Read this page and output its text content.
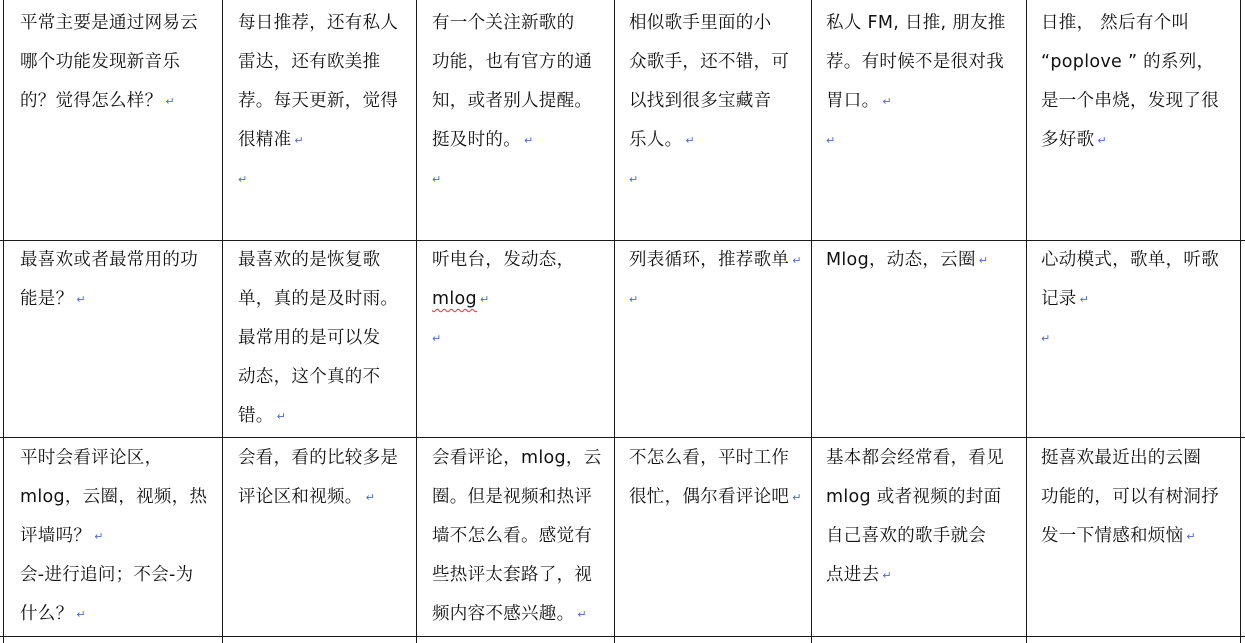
平常主要是通过网易云
哪个功能发现新音乐
的？觉得怎么样？ ↵
每日推荐，还有私人
雷达，还有欧美推
荐。每天更新，觉得
很精准 ↵
↵
有一个关注新歌的
功能，也有官方的通
知，或者别人提醒。
挺及时的。 ↵
↵
相似歌手里面的小
众歌手，还不错，可
以找到很多宝藏音
乐人。 ↵
↵
私人 FM, 日推, 朋友推
荐。有时候不是很对我
胃口。 ↵
↵
日推， 然后有个叫
“poplove ” 的系列，
是一个串烧，发现了很
多好歌 ↵
最喜欢或者最常用的功
能是？ ↵
最喜欢的是恢复歌
单，真的是及时雨。
最常用的是可以发
动态，这个真的不
错。 ↵
听电台，发动态，
mlog ↵
↵
列表循环，推荐歌单 ↵
↵
Mlog，动态，云圈 ↵	心动模式，歌单，听歌
记录 ↵
↵
平时会看评论区，
mlog，云圈，视频，热
评墙吗？ ↵
会-进行追问；不会-为
什么？ ↵
会看，看的比较多是
评论区和视频。 ↵
会看评论，mlog，云
圈。但是视频和热评
墙不怎么看。感觉有
些热评太套路了，视
频内容不感兴趣。 ↵
不怎么看，平时工作
很忙，偶尔看评论吧 ↵
基本都会经常看，看见
mlog 或者视频的封面
自己喜欢的歌手就会
点进去 ↵
挺喜欢最近出的云圈
功能的，可以有树洞抒
发一下情感和烦恼 ↵
